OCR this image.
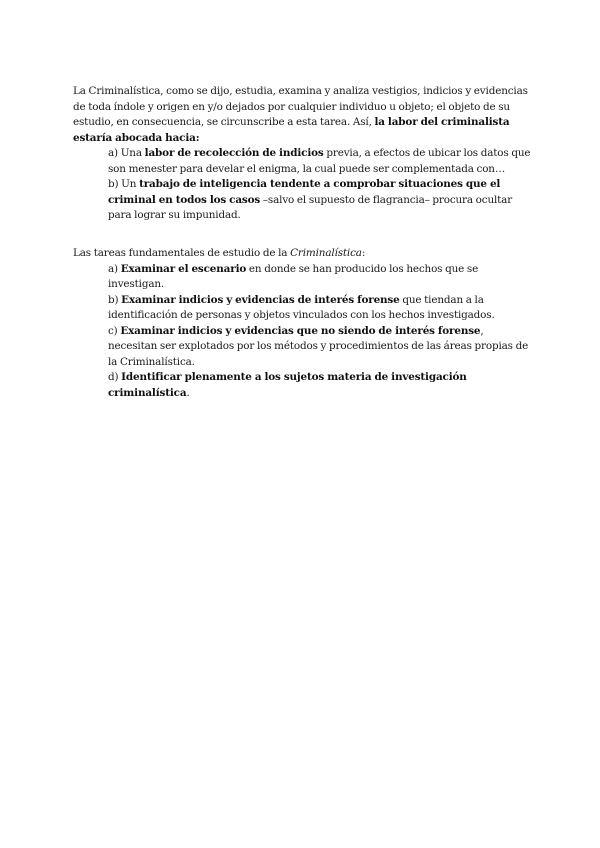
La Criminalística, como se dijo, estudia, examina y analiza vestigios, indicios y evidencias de toda índole y origen en y/o dejados por cualquier individuo u objeto; el objeto de su estudio, en consecuencia, se circunscribe a esta tarea. Así, la labor del criminalista estaría abocada hacia:

a) Una labor de recolección de indicios previa, a efectos de ubicar los datos que son menester para develar el enigma, la cual puede ser complementada con…

b) Un trabajo de inteligencia tendente a comprobar situaciones que el criminal en todos los casos –salvo el supuesto de flagrancia– procura ocultar para lograr su impunidad.

Las tareas fundamentales de estudio de la Criminalística:

a) Examinar el escenario en donde se han producido los hechos que se investigan.

b) Examinar indicios y evidencias de interés forense que tiendan a la identificación de personas y objetos vinculados con los hechos investigados.

c) Examinar indicios y evidencias que no siendo de interés forense, necesitan ser explotados por los métodos y procedimientos de las áreas propias de la Criminalística.

d) Identificar plenamente a los sujetos materia de investigación criminalística.
